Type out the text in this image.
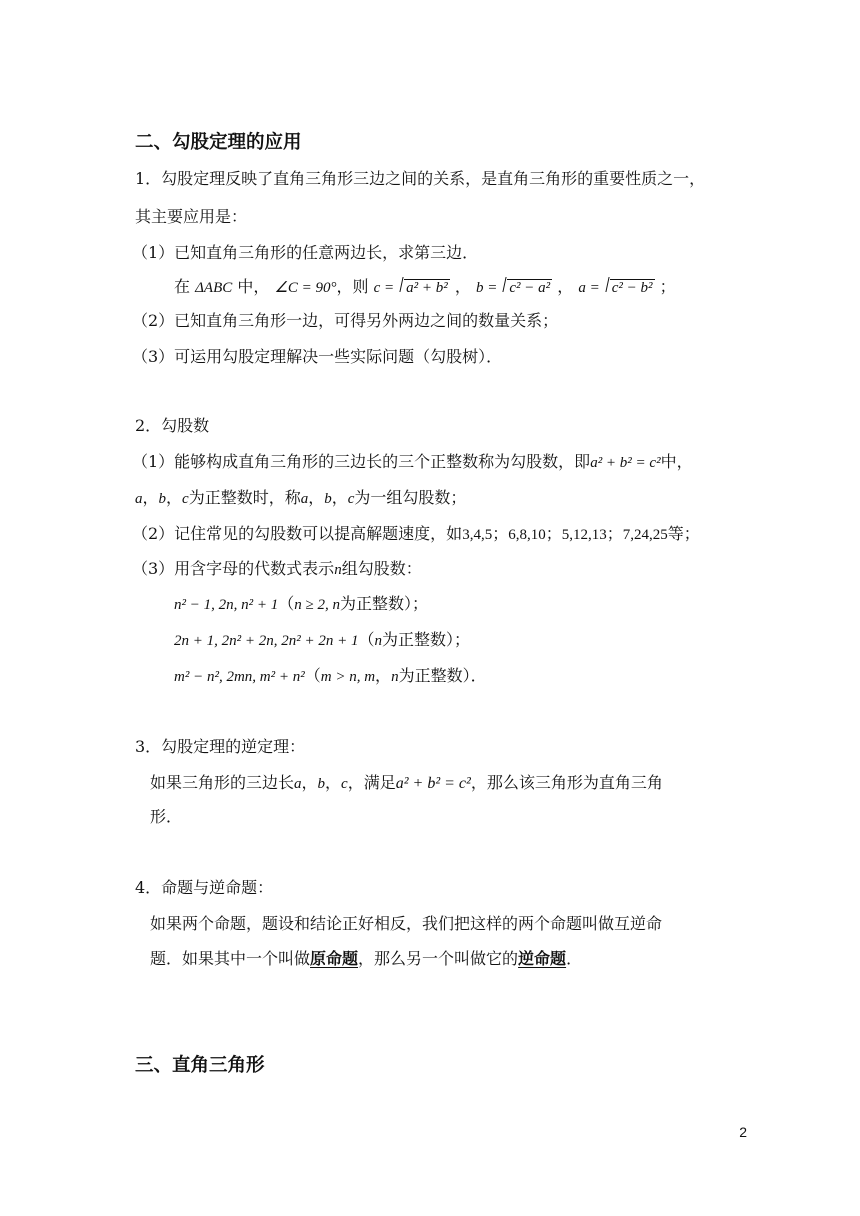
二、勾股定理的应用
1．勾股定理反映了直角三角形三边之间的关系，是直角三角形的重要性质之一，
其主要应用是：
（1）已知直角三角形的任意两边长，求第三边．
在 ΔABC 中， ∠C = 90°，则 c = a² + b² ， b = c² − a² ， a = c² − b² ；
（2）已知直角三角形一边，可得另外两边之间的数量关系；
（3）可运用勾股定理解决一些实际问题（勾股树）．
2．勾股数
（1）能够构成直角三角形的三边长的三个正整数称为勾股数，即a² + b² = c²中，
a，b，c为正整数时，称a，b，c为一组勾股数；
（2）记住常见的勾股数可以提高解题速度，如3,4,5；6,8,10；5,12,13；7,24,25等；
（3）用含字母的代数式表示n组勾股数：
n² − 1, 2n, n² + 1（n ≥ 2, n为正整数）；
2n + 1, 2n² + 2n, 2n² + 2n + 1（n为正整数）；
m² − n², 2mn, m² + n²（m > n, m，n为正整数）．
3．勾股定理的逆定理：
如果三角形的三边长a，b，c，满足a² + b² = c²，那么该三角形为直角三角
形．
4．命题与逆命题：
如果两个命题，题设和结论正好相反，我们把这样的两个命题叫做互逆命
题．如果其中一个叫做原命题，那么另一个叫做它的逆命题．
三、直角三角形
2
